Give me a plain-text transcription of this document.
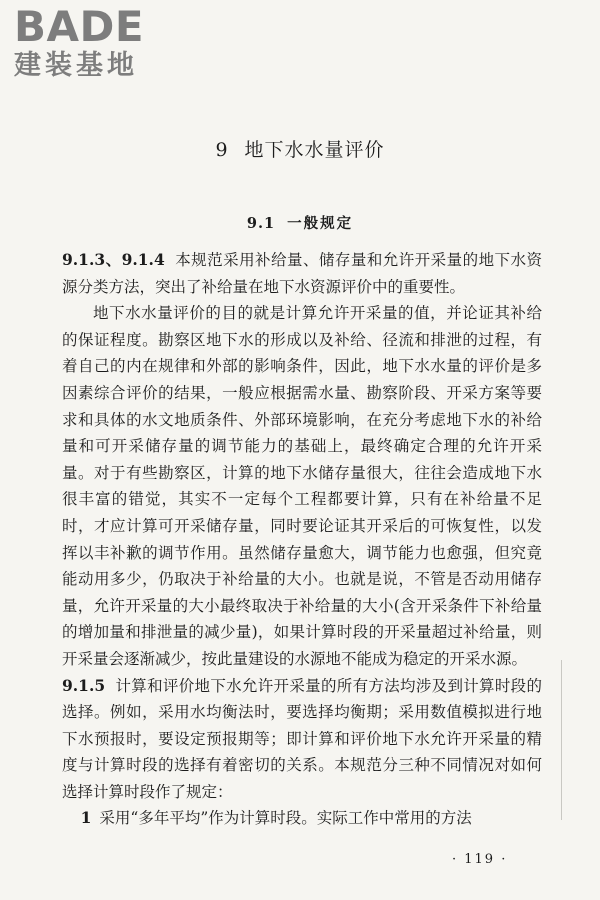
BADE
建装基地
9 地下水水量评价
9.1 一般规定

9.1.3、9.1.4 本规范采用补给量、储存量和允许开采量的地下水资源分类方法，突出了补给量在地下水资源评价中的重要性。

地下水水量评价的目的就是计算允许开采量的值，并论证其补给的保证程度。勘察区地下水的形成以及补给、径流和排泄的过程，有着自己的内在规律和外部的影响条件，因此，地下水水量的评价是多因素综合评价的结果，一般应根据需水量、勘察阶段、开采方案等要求和具体的水文地质条件、外部环境影响，在充分考虑地下水的补给量和可开采储存量的调节能力的基础上，最终确定合理的允许开采量。对于有些勘察区，计算的地下水储存量很大，往往会造成地下水很丰富的错觉，其实不一定每个工程都要计算，只有在补给量不足时，才应计算可开采储存量，同时要论证其开采后的可恢复性，以发挥以丰补歉的调节作用。虽然储存量愈大，调节能力也愈强，但究竟能动用多少，仍取决于补给量的大小。也就是说，不管是否动用储存量，允许开采量的大小最终取决于补给量的大小(含开采条件下补给量的增加量和排泄量的减少量)，如果计算时段的开采量超过补给量，则开采量会逐渐减少，按此量建设的水源地不能成为稳定的开采水源。

9.1.5 计算和评价地下水允许开采量的所有方法均涉及到计算时段的选择。例如，采用水均衡法时，要选择均衡期；采用数值模拟进行地下水预报时，要设定预报期等；即计算和评价地下水允许开采量的精度与计算时段的选择有着密切的关系。本规范分三种不同情况对如何选择计算时段作了规定：

1 采用“多年平均”作为计算时段。实际工作中常用的方法

· 119 ·
